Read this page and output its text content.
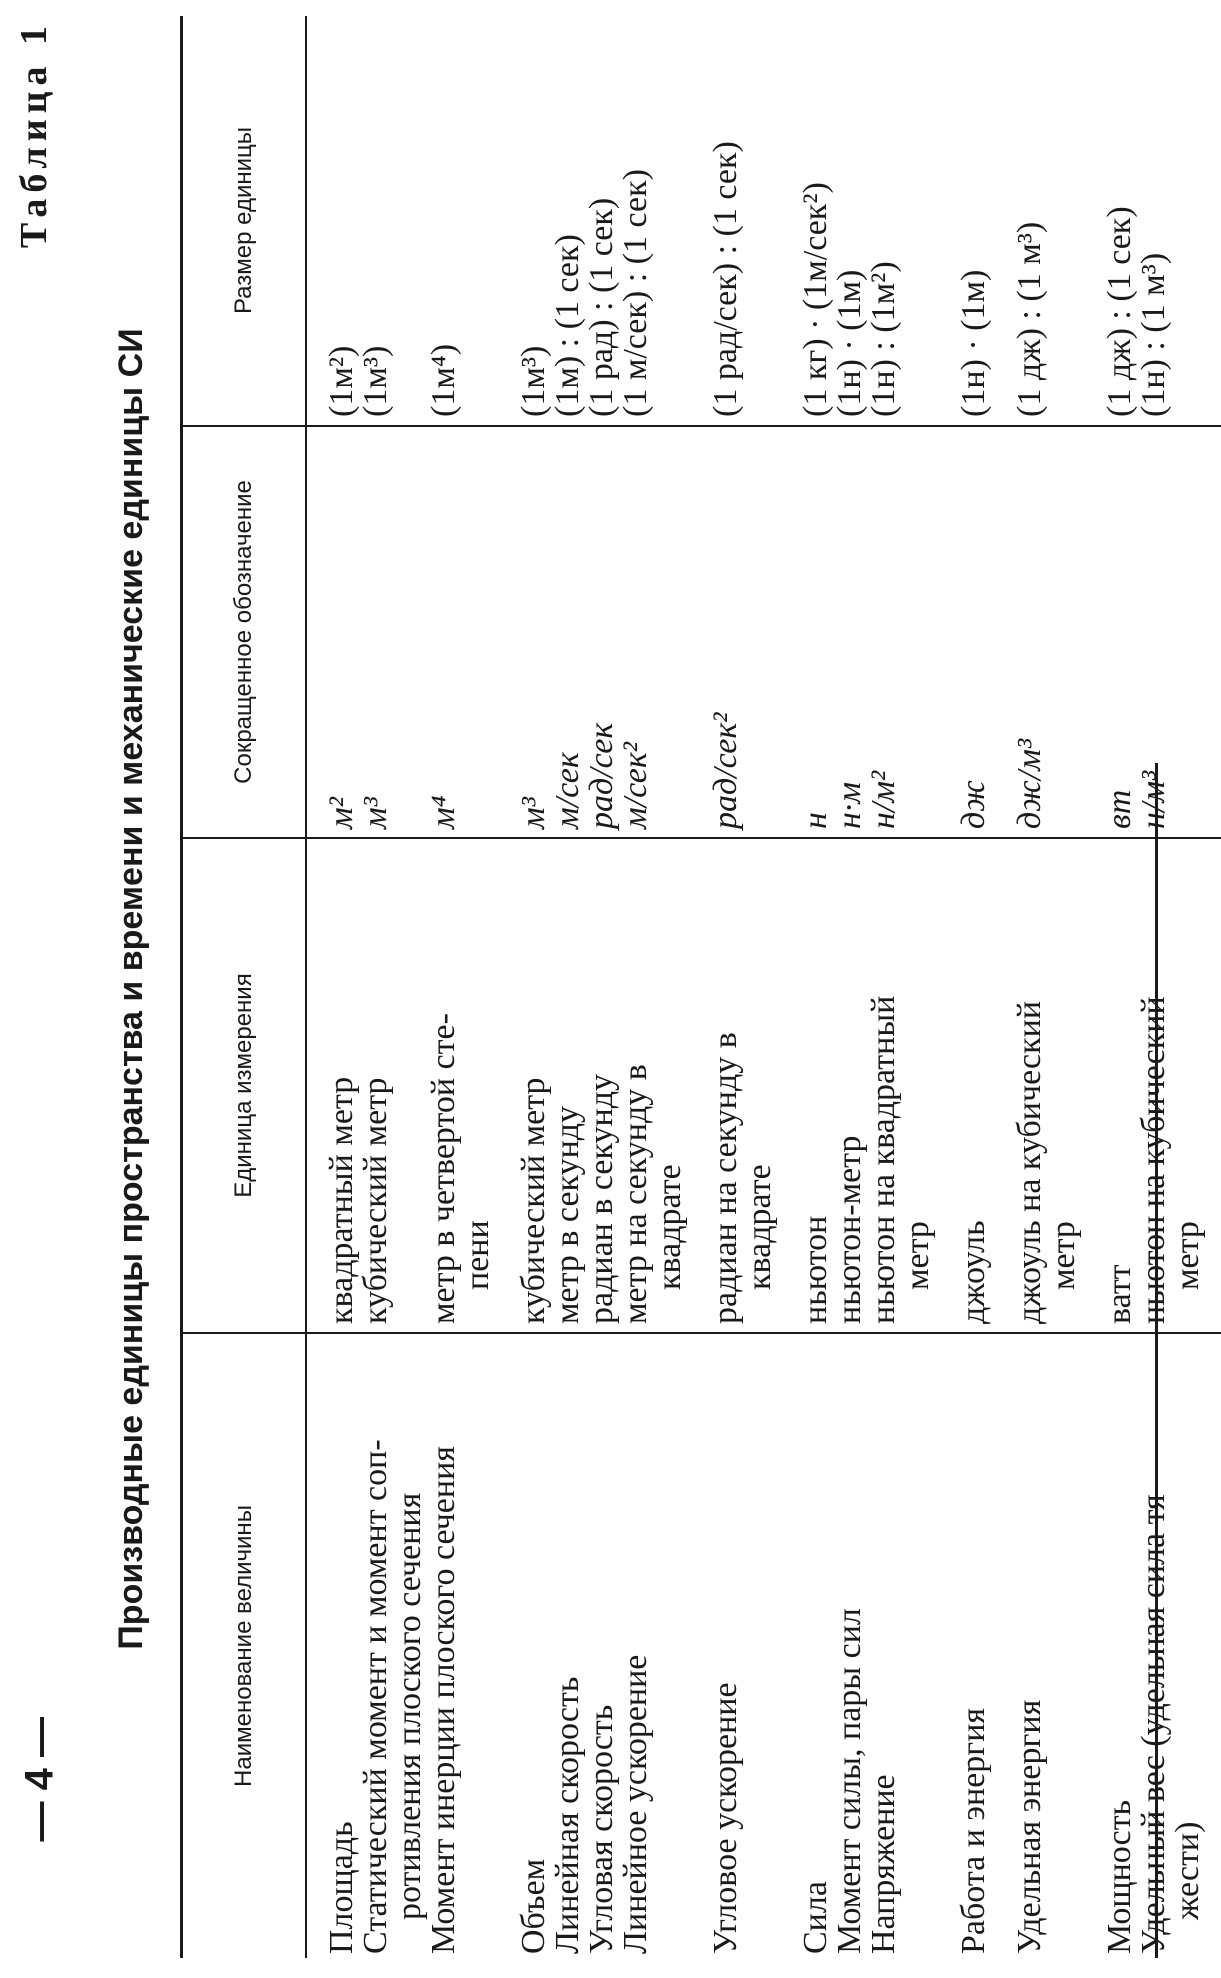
— 4 —
Таблица 1
Производные единицы пространства и времени и механические единицы СИ	Наименование величины	Единица измерения	Сокращенное обозначение	Размер единицы

Площадь	квадратный метр	м²	(1м²)

Статический момент и момент соп-
ротивления плоского сечения	кубический метр	м³	(1м³)

Момент инерции плоского сечения	метр в четвертой сте-
пени	м⁴	(1м⁴)

Объем	кубический метр	м³	(1м³)

Линейная скорость	метр в секунду	м/сек	(1м) : (1 сек)

Угловая скорость	радиан в секунду	рад/сек	(1 рад) : (1 сек)

Линейное ускорение	метр на секунду в
квадрате	м/сек²	(1 м/сек) : (1 сек)

Угловое ускорение	радиан на секунду в
квадрате	рад/сек²	(1 рад/сек) : (1 сек)

Сила	ньютон	н	(1 кг) · (1м/сек²)

Момент силы, пары сил	ньютон-метр	н·м	(1н) · (1м)

Напряжение	ньютон на квадратный
метр	н/м²	(1н) : (1м²)

Работа и энергия	джоуль	дж	(1н) · (1м)

Удельная энергия	джоуль на кубический
метр	дж/м³	(1 дж) : (1 м³)

Мощность	ватт	вт	(1 дж) : (1 сек)

Удельный вес (удельная сила тя-
жести)	ньютон на кубический
метр	н/м³	(1н) : (1 м³)
